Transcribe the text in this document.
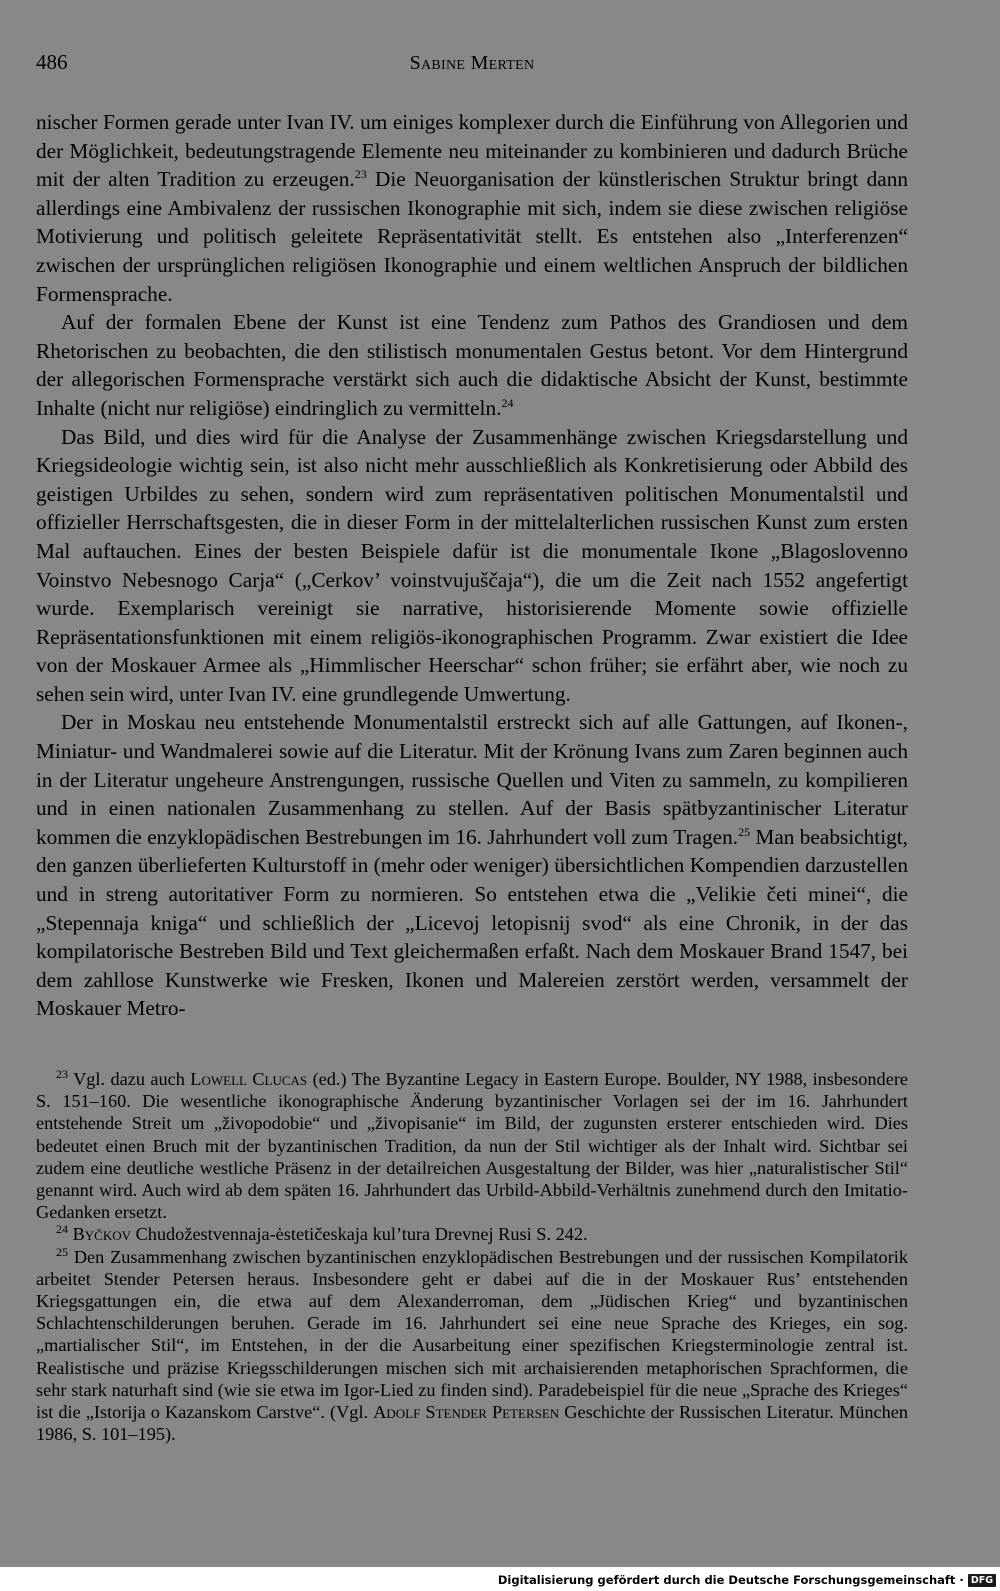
486	Sabine Merten

nischer Formen gerade unter Ivan IV. um einiges komplexer durch die Einführung von Allegorien und der Möglichkeit, bedeutungstragende Elemente neu miteinander zu kombinieren und dadurch Brüche mit der alten Tradition zu erzeugen.$^{23}$ Die Neuorganisation der künstlerischen Struktur bringt dann allerdings eine Ambivalenz der russischen Ikonographie mit sich, indem sie diese zwischen religiöse Motivierung und politisch geleitete Repräsentativität stellt. Es entstehen also „Interferenzen“ zwischen der ursprünglichen religiösen Ikonographie und einem weltlichen Anspruch der bildlichen Formensprache.

Auf der formalen Ebene der Kunst ist eine Tendenz zum Pathos des Grandiosen und dem Rhetorischen zu beobachten, die den stilistisch monumentalen Gestus betont. Vor dem Hintergrund der allegorischen Formensprache verstärkt sich auch die didaktische Absicht der Kunst, bestimmte Inhalte (nicht nur religiöse) eindringlich zu vermitteln.$^{24}$

Das Bild, und dies wird für die Analyse der Zusammenhänge zwischen Kriegsdarstellung und Kriegsideologie wichtig sein, ist also nicht mehr ausschließlich als Konkretisierung oder Abbild des geistigen Urbildes zu sehen, sondern wird zum repräsentativen politischen Monumentalstil und offizieller Herrschaftsgesten, die in dieser Form in der mittelalterlichen russischen Kunst zum ersten Mal auftauchen. Eines der besten Beispiele dafür ist die monumentale Ikone „Blagoslovenno Voinstvo Nebesnogo Carja“ („Cerkov’ voinstvujuščaja“), die um die Zeit nach 1552 angefertigt wurde. Exemplarisch vereinigt sie narrative, historisierende Momente sowie offizielle Repräsentationsfunktionen mit einem religiös-ikonographischen Programm. Zwar existiert die Idee von der Moskauer Armee als „Himmlischer Heerschar“ schon früher; sie erfährt aber, wie noch zu sehen sein wird, unter Ivan IV. eine grundlegende Umwertung.

Der in Moskau neu entstehende Monumentalstil erstreckt sich auf alle Gattungen, auf Ikonen-, Miniatur- und Wandmalerei sowie auf die Literatur. Mit der Krönung Ivans zum Zaren beginnen auch in der Literatur ungeheure Anstrengungen, russische Quellen und Viten zu sammeln, zu kompilieren und in einen nationalen Zusammenhang zu stellen. Auf der Basis spätbyzantinischer Literatur kommen die enzyklopädischen Bestrebungen im 16. Jahrhundert voll zum Tragen.$^{25}$ Man beabsichtigt, den ganzen überlieferten Kulturstoff in (mehr oder weniger) übersichtlichen Kompendien darzustellen und in streng autoritativer Form zu normieren. So entstehen etwa die „Velikie četi minei“, die „Stepennaja kniga“ und schließlich der „Licevoj letopisnij svod“ als eine Chronik, in der das kompilatorische Bestreben Bild und Text gleichermaßen erfaßt. Nach dem Moskauer Brand 1547, bei dem zahllose Kunstwerke wie Fresken, Ikonen und Malereien zerstört werden, versammelt der Moskauer Metro-

$^{23}$ Vgl. dazu auch Lowell Clucas (ed.) The Byzantine Legacy in Eastern Europe. Boulder, NY 1988, insbesondere S. 151–160. Die wesentliche ikonographische Änderung byzantinischer Vorlagen sei der im 16. Jahrhundert entstehende Streit um „živopodobie“ und „živopisanie“ im Bild, der zugunsten ersterer entschieden wird. Dies bedeutet einen Bruch mit der byzantinischen Tradition, da nun der Stil wichtiger als der Inhalt wird. Sichtbar sei zudem eine deutliche westliche Präsenz in der detailreichen Ausgestaltung der Bilder, was hier „naturalistischer Stil“ genannt wird. Auch wird ab dem späten 16. Jahrhundert das Urbild-Abbild-Verhältnis zunehmend durch den Imitatio-Gedanken ersetzt.

$^{24}$ Byčkov Chudožestvennaja-ėstetičeskaja kul’tura Drevnej Rusi S. 242.

$^{25}$ Den Zusammenhang zwischen byzantinischen enzyklopädischen Bestrebungen und der russischen Kompilatorik arbeitet Stender Petersen heraus. Insbesondere geht er dabei auf die in der Moskauer Rus’ entstehenden Kriegsgattungen ein, die etwa auf dem Alexanderroman, dem „Jüdischen Krieg“ und byzantinischen Schlachtenschilderungen beruhen. Gerade im 16. Jahrhundert sei eine neue Sprache des Krieges, ein sog. „martialischer Stil“, im Entstehen, in der die Ausarbeitung einer spezifischen Kriegsterminologie zentral ist. Realistische und präzise Kriegsschilderungen mischen sich mit archaisierenden metaphorischen Sprachformen, die sehr stark naturhaft sind (wie sie etwa im Igor-Lied zu finden sind). Paradebeispiel für die neue „Sprache des Krieges“ ist die „Istorija o Kazanskom Carstve“. (Vgl. Adolf Stender Petersen Geschichte der Russischen Literatur. München 1986, S. 101–195).

Digitalisierung gefördert durch die Deutsche Forschungsgemeinschaft · DFG
